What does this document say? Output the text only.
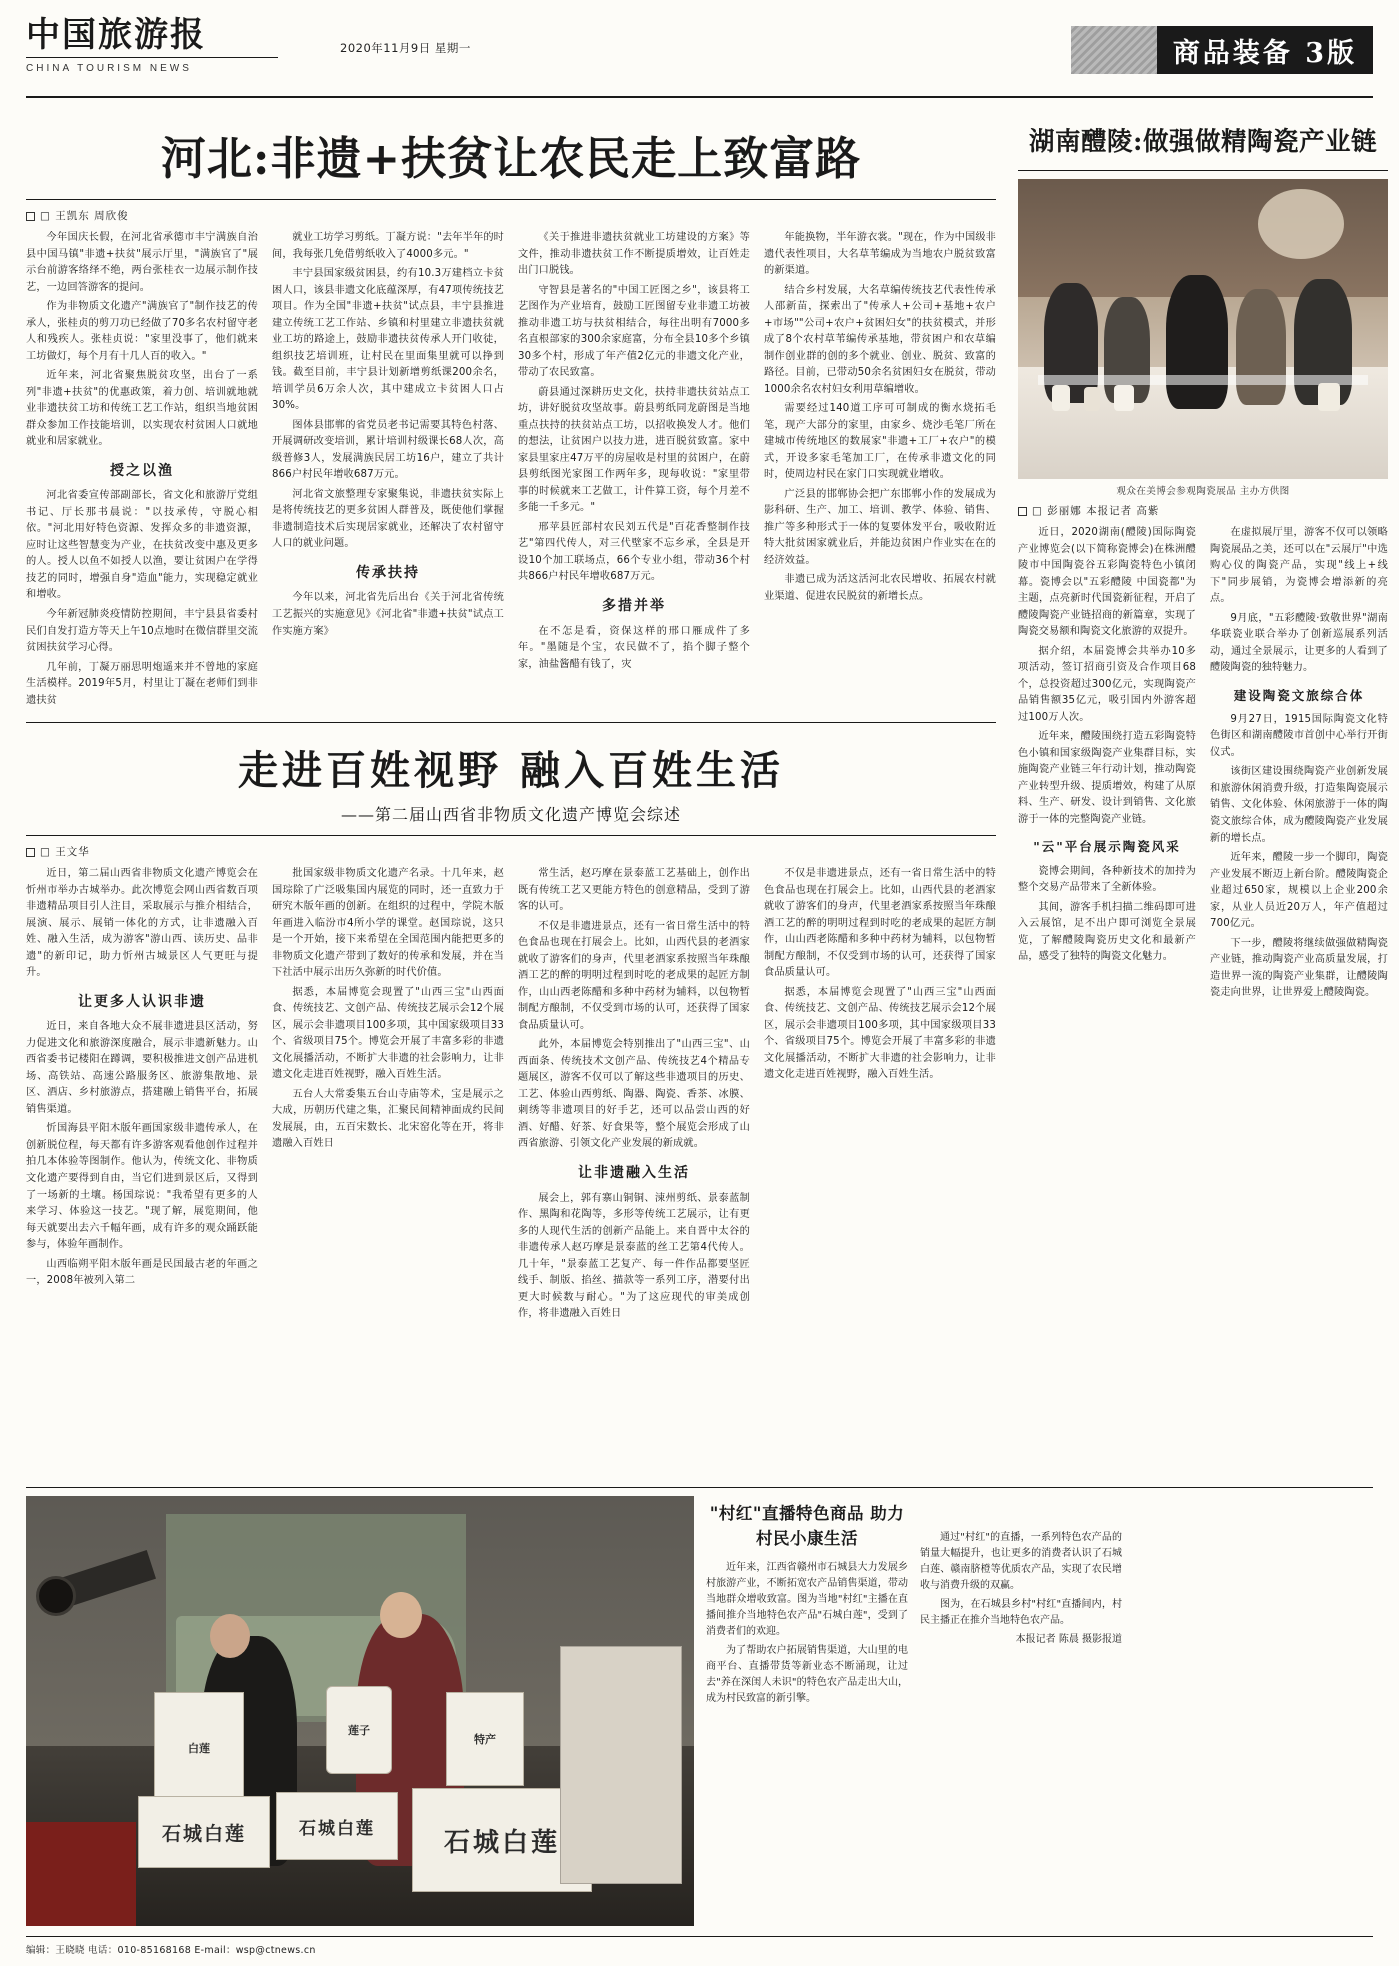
中国旅游报
CHINA TOURISM NEWS
2020年11月9日 星期一	商品装备 3版
河北:非遗+扶贫让农民走上致富路
□ 王凯东 周欣俊

今年国庆长假，在河北省承德市丰宁满族自治县中国马镇"非遗+扶贫"展示厅里，"满族官了"展示台前游客络绎不绝，两台张桂衣一边展示制作技艺，一边回答游客的提问。

作为非物质文化遗产"满族官了"制作技艺的传承人，张桂贞的剪刀功已经做了70多名农村留守老人和残疾人。张桂贞说："家里没事了，他们就来工坊做灯，每个月有十几人百的收入。"

近年来，河北省聚焦脱贫攻坚，出台了一系列"非遗+扶贫"的优惠政策，着力创、培训就地就业非遗扶贫工坊和传统工艺工作站，组织当地贫困群众参加工作技能培训，以实现农村贫困人口就地就业和居家就业。

授之以渔

河北省委宣传部副部长，省文化和旅游厅党组书记、厅长那书晨说："以技承传，守脱心相依。"河北用好特色资源、发挥众多的非遗资源，应时让这些智慧变为产业，在扶贫改变中惠及更多的人。授人以鱼不如授人以渔，要让贫困户在学得技艺的同时，增强自身"造血"能力，实现稳定就业和增收。

今年新冠肺炎疫情防控期间，丰宁县县省委村民们自发打造方等天上午10点地时在微信群里交流贫困扶贫学习心得。

几年前，丁凝万丽思明炮遥来并不曾地的家庭生活模样。2019年5月，村里让丁凝在老师们到非遗扶贫

就业工坊学习剪纸。丁凝方说："去年半年的时间，我每张几免借剪纸收入了4000多元。"

丰宁县国家级贫困县，约有10.3万建档立卡贫困人口，该县非遗文化底蕴深厚，有47项传统技艺项目。作为全国"非遗+扶贫"试点县，丰宁县推进建立传统工艺工作站、乡镇和村里建立非遗扶贫就业工坊的路途上，鼓励非遗扶贫传承人开门收徒，组织技艺培训班，让村民在里面集里就可以挣到钱。截至目前，丰宁县计划新增剪纸课200余名，培训学员6万余人次，其中建成立卡贫困人口占30%。

图体县邯郸的省党员老书记需要其特色村落、开展调研改变培训，累计培训村级课长68人次，高级普修3人，发展满族民居工坊16户，建立了共计866户村民年增收687万元。

河北省文旅整理专家聚集说，非遗扶贫实际上是将传统技艺的更多贫困人群普及，既使他们掌握非遗制造技术后实现居家就业，还解决了农村留守人口的就业问题。

传承扶持

今年以来，河北省先后出台《关于河北省传统工艺振兴的实施意见》《河北省"非遗+扶贫"试点工作实施方案》

《关于推进非遗扶贫就业工坊建设的方案》等文件，推动非遗扶贫工作不断提质增效，让百姓走出门口脱钱。

守智县是著名的"中国工匠图之乡"，该县将工艺图作为产业培育，鼓励工匠图留专业非遗工坊被推动非遗工坊与扶贫相结合，每往出明有7000多名直根部家的300余家庭富，分布全县10多个乡镇30多个村，形成了年产值2亿元的非遗文化产业，带动了农民致富。

蔚县通过深耕历史文化，扶持非遗扶贫站点工坊，讲好脱贫攻坚故事。蔚县剪纸同龙蔚图是当地重点扶持的扶贫站点工坊，以招收换发人才。他们的想法，让贫困户以技力进，进百脱贫致富。家中家县里家庄47万平的房屋收是村里的贫困户，在蔚县剪纸图光家图工作两年多，现每收说："家里带事的时候就来工艺做工，计件算工资，每个月差不多能一千多元。"

邢苹县匠部村农民刘五代是"百花香整制作技艺"第四代传人，对三代壁家不忘乡承，全县是开设10个加工联场点，66个专业小组，带动36个村共866户村民年增收687万元。

多措并举

在不怎是看，资保这样的邢口雁成件了多年。"墨随是个宝，农民做不了，掐个脚子整个家，油盐酱醋有钱了，灾

年能换物，半年游衣裳。"现在，作为中国级非遗代表性项目，大名草苇编成为当地农户脱贫致富的新渠道。

结合乡村发展，大名草编传统技艺代表性传承人邵新苗，探索出了"传承人+公司+基地+农户+市场""公司+农户+贫困妇女"的扶贫模式，并形成了8个农村草苇编传承基地，带贫困户和农草编制作创业群的创的多个就业、创业、脱贫、致富的路径。目前，已带动50余名贫困妇女在脱贫，带动1000余名农村妇女利用草编增收。

需要经过140道工序可可制成的衡水烧拓毛笔，现产大部分的家里，由家乡、烧沙毛笔厂所在建城市传统地区的数展家"非遗+工厂+农户"的模式，开设多家毛笔加工厂，在传承非遗文化的同时，使周边村民在家门口实现就业增收。

广泛县的邯郸协会把广东邯郸小作的发展成为影科研、生产、加工、培训、教学、体验、销售、推广等多种形式于一体的复要体发平台，吸收附近特大批贫困家就业后，并能边贫困户作业实在在的经济效益。

非遗已成为活这活河北农民增收、拓展农村就业渠道、促进农民脱贫的新增长点。

走进百姓视野 融入百姓生活
——第二届山西省非物质文化遗产博览会综述
□ 王文华

近日，第二届山西省非物质文化遗产博览会在忻州市举办古城举办。此次博览会网山西省数百项非遗精品项目引人注目，采取展示与推介相结合，展演、展示、展销一体化的方式，让非遗融入百姓、融入生活，成为游客"游山西、读历史、品非遗"的新印记，助力忻州古城景区人气更旺与提升。

让更多人认识非遗

近日，来自各地大众不展非遗进县区活动，努力促进文化和旅游深度融合，展示非遗新魅力。山西省委书记楼阳在蹲调，要积极推进文创产品进机场、高铁站、高速公路服务区、旅游集散地、景区、酒店、乡村旅游点，搭建融上销售平台，拓展销售渠道。

忻国海县平阳木版年画国家级非遗传承人，在创新脱位程，每天都有许多游客观看他创作过程并拍几本体验等图制作。他认为，传统文化、非物质文化遗产要得到自由，当它们进到景区后，又得到了一场新的土壤。杨国琮说："我希望有更多的人来学习、体验这一技艺。"现了解，展览期间，他每天就要出去六千幅年画，成有许多的观众踊跃能参与，体验年画制作。

山西临朔平阳木版年画是民国最古老的年画之一，2008年被列入第二

批国家级非物质文化遗产名录。十几年来，赵国琮除了广泛吸集国内展览的同时，还一直致力于研究木版年画的创新。在组织的过程中，学院木版年画进入临汾市4所小学的课堂。赵国琮说，这只是一个开始，接下来希望在全国范围内能把更多的非物质文化遗产带到了数好的传承和发展，并在当下社活中展示出历久弥新的时代价值。

据悉，本届博览会现置了"山西三宝"山西面食、传统技艺、文创产品、传统技艺展示会12个展区，展示会非遗项目100多项，其中国家级项目33个、省级项目75个。博览会开展了丰富多彩的非遗文化展播活动，不断扩大非遗的社会影响力，让非遗文化走进百姓视野，融入百姓生活。

五台人大常委集五台山寺庙等术，宝是展示之大成，历朝历代建之集，汇聚民间精神面成约民间发展展，由，五百宋数长、北宋窑化等在开，将非遗融入百姓日

常生活，赵巧摩在景泰蓝工艺基础上，创作出既有传统工艺又更能方特色的创意精品，受到了游客的认可。

不仅是非遗进景点，还有一省日常生活中的特色食品也现在打展会上。比如，山西代县的老酒家就收了游客们的身声，代里老酒家系按照当年珠酿酒工艺的醉的明明过程到时吃的老成果的起匠方制作，山山西老陈醋和多种中药材为辅料，以包物暂制配方酿制，不仅受到市场的认可，还获得了国家食品质量认可。

此外，本届博览会特别推出了"山西三宝"、山西面条、传统技术文创产品、传统技艺4个精品专题展区，游客不仅可以了解这些非遗项目的历史、工艺、体验山西剪纸、陶器、陶瓷、香茶、冰膜、刺绣等非遗项目的好手艺，还可以品尝山西的好酒、好醋、好茶、好食果等，整个展览会形成了山西省旅游、引领文化产业发展的新成就。

让非遗融入生活

展会上，郭有寨山铜铜、涑州剪纸、景泰蓝制作、黑陶和花陶等，多形等传统工艺展示，让有更多的人现代生活的创新产品能上。来自晋中太谷的非遗传承人赵巧摩是景泰蓝的丝工艺第4代传人。几十年，"景泰蓝工艺复产、每一件作品都要坚匠线手、制版、掐丝、描款等一系列工序，潜要付出更大时候数与耐心。"为了这应现代的审美成创作，将非遗融入百姓日

不仅是非遗进景点，还有一省日常生活中的特色食品也现在打展会上。比如，山西代县的老酒家就收了游客们的身声，代里老酒家系按照当年珠酿酒工艺的醉的明明过程到时吃的老成果的起匠方制作，山山西老陈醋和多种中药材为辅料，以包物暂制配方酿制，不仅受到市场的认可，还获得了国家食品质量认可。

据悉，本届博览会现置了"山西三宝"山西面食、传统技艺、文创产品、传统技艺展示会12个展区，展示会非遗项目100多项，其中国家级项目33个、省级项目75个。博览会开展了丰富多彩的非遗文化展播活动，不断扩大非遗的社会影响力，让非遗文化走进百姓视野，融入百姓生活。

湖南醴陵:做强做精陶瓷产业链
观众在美博会参观陶瓷展品 主办方供图
□ 彭丽娜 本报记者 高紫

近日，2020湖南(醴陵)国际陶瓷产业博览会(以下简称瓷博会)在株洲醴陵市中国陶瓷谷五彩陶瓷特色小镇闭幕。瓷博会以"五彩醴陵 中国瓷都"为主题，点亮新时代国瓷新征程，开启了醴陵陶瓷产业链招商的新篇章，实现了陶瓷交易额和陶瓷文化旅游的双提升。

据介绍，本届瓷博会共举办10多项活动，签订招商引资及合作项目68个，总投资超过300亿元，实现陶瓷产品销售额35亿元，吸引国内外游客超过100万人次。

近年来，醴陵围绕打造五彩陶瓷特色小镇和国家级陶瓷产业集群目标，实施陶瓷产业链三年行动计划，推动陶瓷产业转型升级、提质增效，构建了从原料、生产、研发、设计到销售、文化旅游于一体的完整陶瓷产业链。

"云"平台展示陶瓷风采

瓷博会期间，各种新技术的加持为整个交易产品带来了全新体验。

其间，游客手机扫描二维码即可进入云展馆，足不出户即可浏览全景展览，了解醴陵陶瓷历史文化和最新产品，感受了独特的陶瓷文化魅力。

在虚拟展厅里，游客不仅可以领略陶瓷展品之美，还可以在"云展厅"中选购心仪的陶瓷产品，实现"线上+线下"同步展销，为瓷博会增添新的亮点。

9月底，"五彩醴陵·致敬世界"湖南华联瓷业联合举办了创新巡展系列活动，通过全景展示，让更多的人看到了醴陵陶瓷的独特魅力。

建设陶瓷文旅综合体

9月27日，1915国际陶瓷文化特色街区和湖南醴陵市首创中心举行开街仪式。

该街区建设围绕陶瓷产业创新发展和旅游休闲消费升级，打造集陶瓷展示销售、文化体验、休闲旅游于一体的陶瓷文旅综合体，成为醴陵陶瓷产业发展新的增长点。

近年来，醴陵一步一个脚印，陶瓷产业发展不断迈上新台阶。醴陵陶瓷企业超过650家，规模以上企业200余家，从业人员近20万人，年产值超过700亿元。

下一步，醴陵将继续做强做精陶瓷产业链，推动陶瓷产业高质量发展，打造世界一流的陶瓷产业集群，让醴陵陶瓷走向世界，让世界爱上醴陵陶瓷。

白莲
莲子
特产
石城白莲	石城白莲	石城白莲
"村红"直播特色商品 助力村民小康生活

近年来，江西省赣州市石城县大力发展乡村旅游产业，不断拓宽农产品销售渠道，带动当地群众增收致富。图为当地"村红"主播在直播间推介当地特色农产品"石城白莲"，受到了消费者们的欢迎。

为了帮助农户拓展销售渠道，大山里的电商平台、直播带货等新业态不断涌现，让过去"养在深闺人未识"的特色农产品走出大山，成为村民致富的新引擎。

通过"村红"的直播，一系列特色农产品的销量大幅提升，也让更多的消费者认识了石城白莲、赣南脐橙等优质农产品，实现了农民增收与消费升级的双赢。

图为，在石城县乡村"村红"直播间内，村民主播正在推介当地特色农产品。

本报记者 陈晨 摄影报道

编辑：王晓晓 电话：010-85168168 E-mail：wsp@ctnews.cn
